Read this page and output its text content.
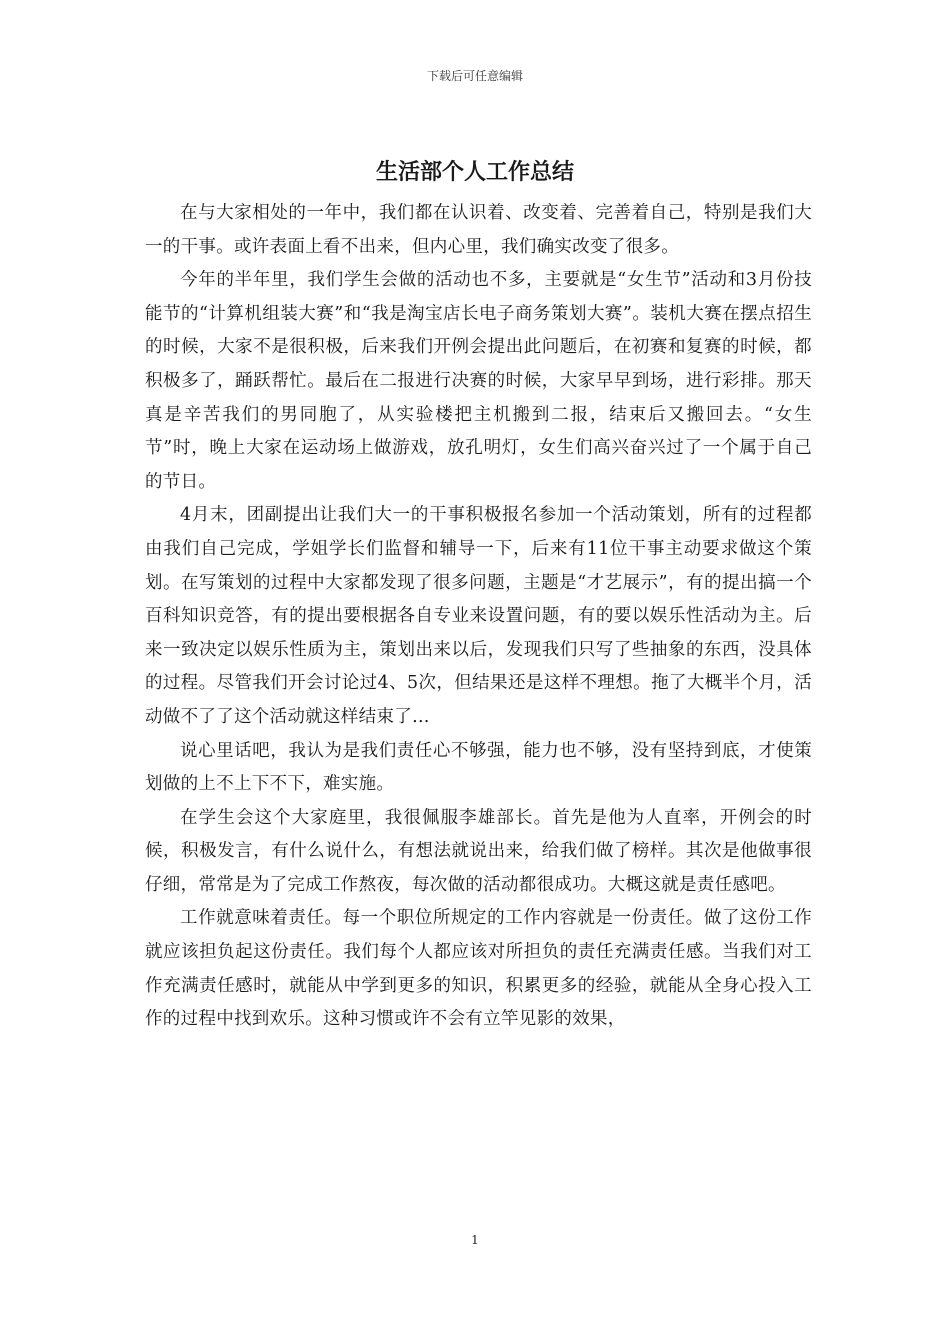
下载后可任意编辑
生活部个人工作总结

在与大家相处的一年中，我们都在认识着、改变着、完善着自己，特别是我们大一的干事。或许表面上看不出来，但内心里，我们确实改变了很多。

今年的半年里，我们学生会做的活动也不多，主要就是“女生节”活动和3月份技能节的“计算机组装大赛”和“我是淘宝店长电子商务策划大赛”。装机大赛在摆点招生的时候，大家不是很积极，后来我们开例会提出此问题后，在初赛和复赛的时候，都积极多了，踊跃帮忙。最后在二报进行决赛的时候，大家早早到场，进行彩排。那天真是辛苦我们的男同胞了，从实验楼把主机搬到二报，结束后又搬回去。“女生节”时，晚上大家在运动场上做游戏，放孔明灯，女生们高兴奋兴过了一个属于自己的节日。

4月末，团副提出让我们大一的干事积极报名参加一个活动策划，所有的过程都由我们自己完成，学姐学长们监督和辅导一下，后来有11位干事主动要求做这个策划。在写策划的过程中大家都发现了很多问题，主题是“才艺展示”，有的提出搞一个百科知识竞答，有的提出要根据各自专业来设置问题，有的要以娱乐性活动为主。后来一致决定以娱乐性质为主，策划出来以后，发现我们只写了些抽象的东西，没具体的过程。尽管我们开会讨论过4、5次，但结果还是这样不理想。拖了大概半个月，活动做不了了这个活动就这样结束了…

说心里话吧，我认为是我们责任心不够强，能力也不够，没有坚持到底，才使策划做的上不上下不下，难实施。

在学生会这个大家庭里，我很佩服李雄部长。首先是他为人直率，开例会的时候，积极发言，有什么说什么，有想法就说出来，给我们做了榜样。其次是他做事很仔细，常常是为了完成工作熬夜，每次做的活动都很成功。大概这就是责任感吧。

工作就意味着责任。每一个职位所规定的工作内容就是一份责任。做了这份工作就应该担负起这份责任。我们每个人都应该对所担负的责任充满责任感。当我们对工作充满责任感时，就能从中学到更多的知识，积累更多的经验，就能从全身心投入工作的过程中找到欢乐。这种习惯或许不会有立竿见影的效果，

1
